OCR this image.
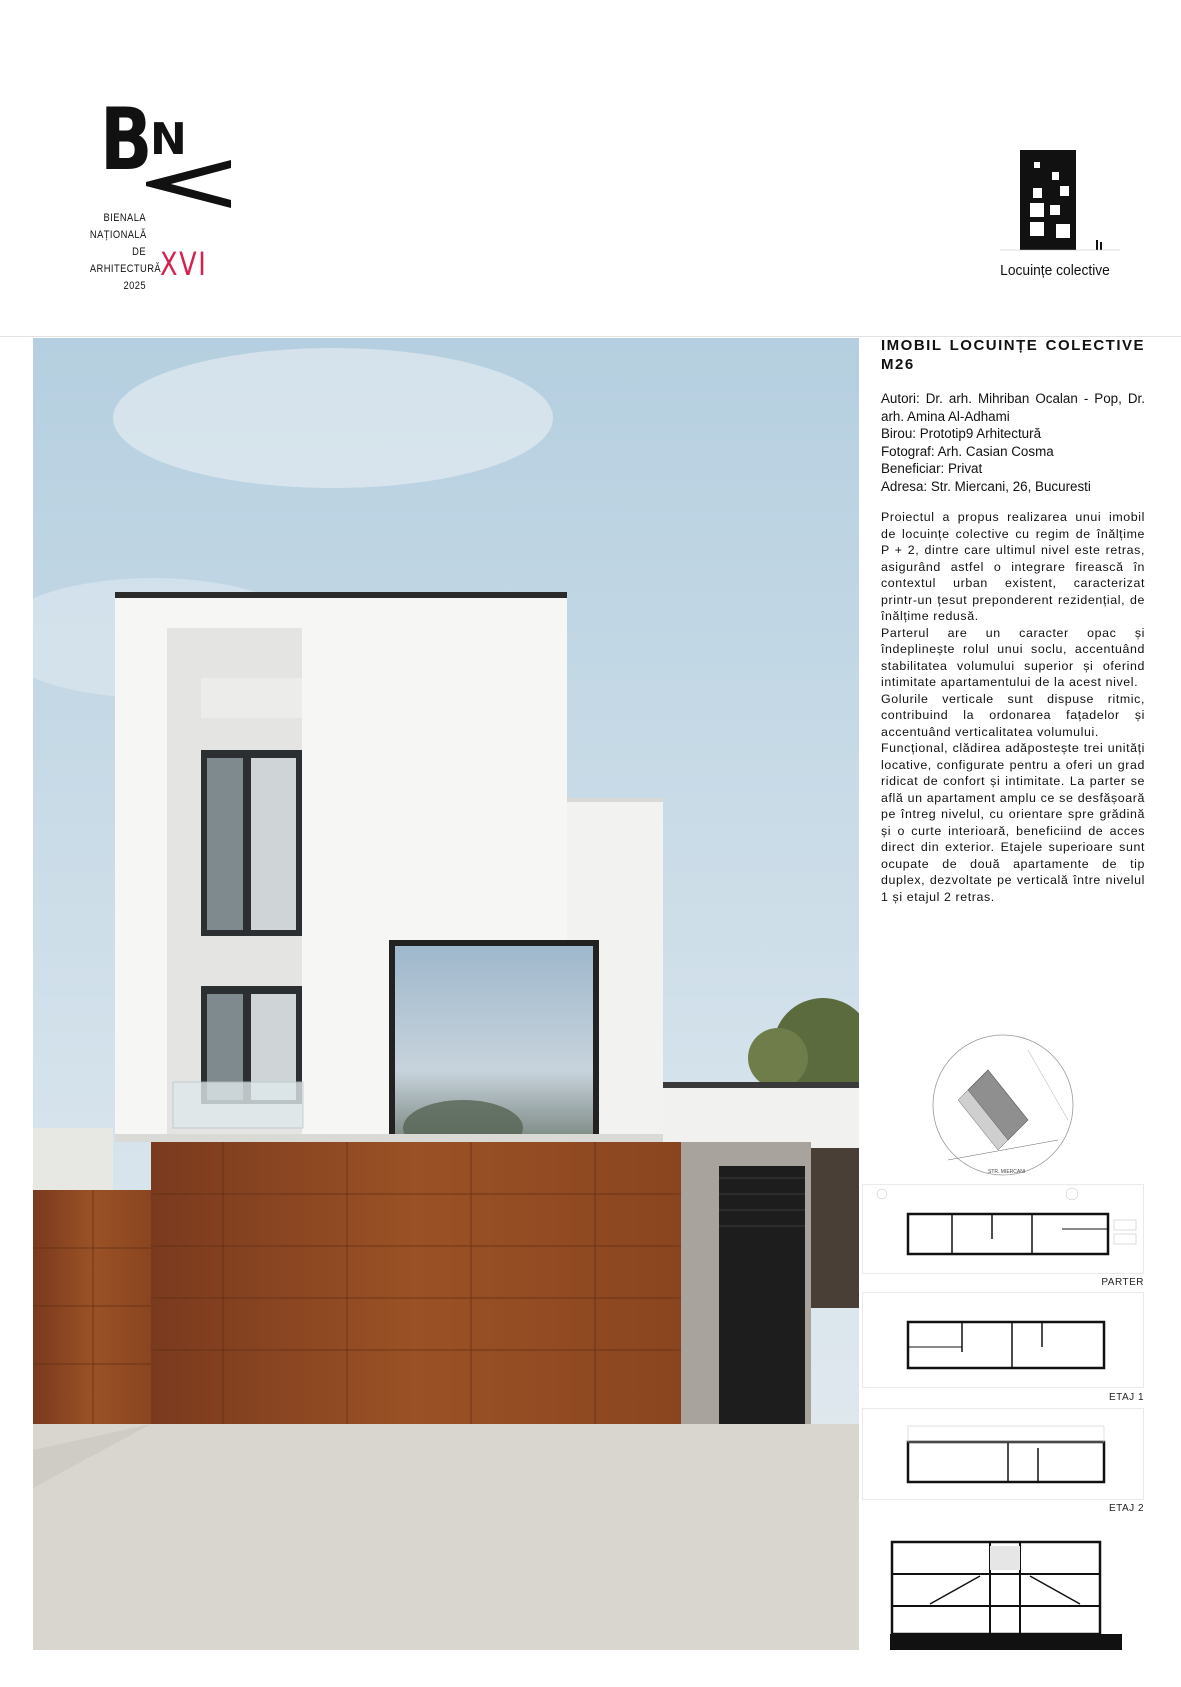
B
N
BIENALA
NAȚIONALĂ
DE
ARHITECTURĂ
2025
XVI	Locuințe colective
IMOBIL LOCUINȚE COLECTIVE M26
Autori: Dr. arh. Mihriban Ocalan - Pop, Dr. arh. Amina Al-Adhami
Birou: Prototip9 Arhitectură
Fotograf: Arh. Casian Cosma
Beneficiar: Privat
Adresa: Str. Miercani, 26, Bucuresti

Proiectul a propus realizarea unui imobil de locuințe colective cu regim de înălțime P + 2, dintre care ultimul nivel este retras, asigurând astfel o integrare firească în contextul urban existent, caracterizat printr-un țesut preponderent rezidențial, de înălțime redusă.

Parterul are un caracter opac și îndeplinește rolul unui soclu, accentuând stabilitatea volumului superior și oferind intimitate apartamentului de la acest nivel.

Golurile verticale sunt dispuse ritmic, contribuind la ordonarea fațadelor și accentuând verticalitatea volumului.

Funcțional, clădirea adăpostește trei unități locative, configurate pentru a oferi un grad ridicat de confort și intimitate. La parter se află un apartament amplu ce se desfășoară pe întreg nivelul, cu orientare spre grădină și o curte interioară, beneficiind de acces direct din exterior. Etajele superioare sunt ocupate de două apartamente de tip duplex, dezvoltate pe verticală între nivelul 1 și etajul 2 retras.

STR. MIERCANI
PARTER
ETAJ 1
ETAJ 2
